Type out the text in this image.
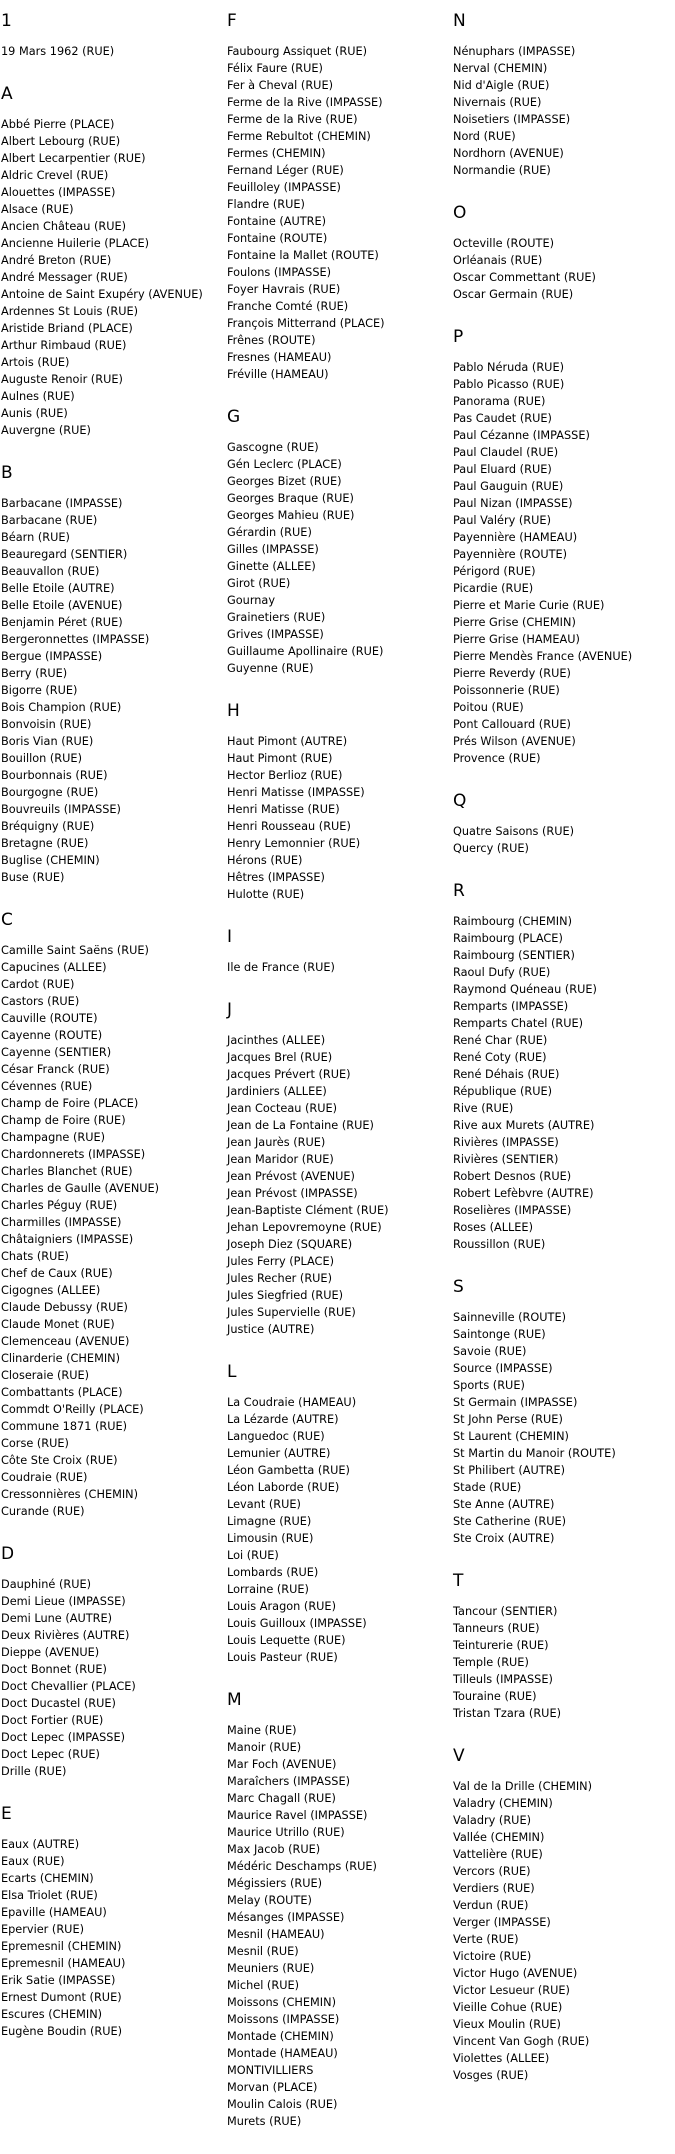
1
19 Mars 1962 (RUE)
A
Abbé Pierre (PLACE)
Albert Lebourg (RUE)
Albert Lecarpentier (RUE)
Aldric Crevel (RUE)
Alouettes (IMPASSE)
Alsace (RUE)
Ancien Château (RUE)
Ancienne Huilerie (PLACE)
André Breton (RUE)
André Messager (RUE)
Antoine de Saint Exupéry (AVENUE)
Ardennes St Louis (RUE)
Aristide Briand (PLACE)
Arthur Rimbaud (RUE)
Artois (RUE)
Auguste Renoir (RUE)
Aulnes (RUE)
Aunis (RUE)
Auvergne (RUE)
B
Barbacane (IMPASSE)
Barbacane (RUE)
Béarn (RUE)
Beauregard (SENTIER)
Beauvallon (RUE)
Belle Etoile (AUTRE)
Belle Etoile (AVENUE)
Benjamin Péret (RUE)
Bergeronnettes (IMPASSE)
Bergue (IMPASSE)
Berry (RUE)
Bigorre (RUE)
Bois Champion (RUE)
Bonvoisin (RUE)
Boris Vian (RUE)
Bouillon (RUE)
Bourbonnais (RUE)
Bourgogne (RUE)
Bouvreuils (IMPASSE)
Bréquigny (RUE)
Bretagne (RUE)
Buglise (CHEMIN)
Buse (RUE)
C
Camille Saint Saëns (RUE)
Capucines (ALLEE)
Cardot (RUE)
Castors (RUE)
Cauville (ROUTE)
Cayenne (ROUTE)
Cayenne (SENTIER)
César Franck (RUE)
Cévennes (RUE)
Champ de Foire (PLACE)
Champ de Foire (RUE)
Champagne (RUE)
Chardonnerets (IMPASSE)
Charles Blanchet (RUE)
Charles de Gaulle (AVENUE)
Charles Péguy (RUE)
Charmilles (IMPASSE)
Châtaigniers (IMPASSE)
Chats (RUE)
Chef de Caux (RUE)
Cigognes (ALLEE)
Claude Debussy (RUE)
Claude Monet (RUE)
Clemenceau (AVENUE)
Clinarderie (CHEMIN)
Closeraie (RUE)
Combattants (PLACE)
Commdt O'Reilly (PLACE)
Commune 1871 (RUE)
Corse (RUE)
Côte Ste Croix (RUE)
Coudraie (RUE)
Cressonnières (CHEMIN)
Curande (RUE)
D
Dauphiné (RUE)
Demi Lieue (IMPASSE)
Demi Lune (AUTRE)
Deux Rivières (AUTRE)
Dieppe (AVENUE)
Doct Bonnet (RUE)
Doct Chevallier (PLACE)
Doct Ducastel (RUE)
Doct Fortier (RUE)
Doct Lepec (IMPASSE)
Doct Lepec (RUE)
Drille (RUE)
E
Eaux (AUTRE)
Eaux (RUE)
Ecarts (CHEMIN)
Elsa Triolet (RUE)
Epaville (HAMEAU)
Epervier (RUE)
Epremesnil (CHEMIN)
Epremesnil (HAMEAU)
Erik Satie (IMPASSE)
Ernest Dumont (RUE)
Escures (CHEMIN)
Eugène Boudin (RUE)
F
Faubourg Assiquet (RUE)
Félix Faure (RUE)
Fer à Cheval (RUE)
Ferme de la Rive (IMPASSE)
Ferme de la Rive (RUE)
Ferme Rebultot (CHEMIN)
Fermes (CHEMIN)
Fernand Léger (RUE)
Feuilloley (IMPASSE)
Flandre (RUE)
Fontaine (AUTRE)
Fontaine (ROUTE)
Fontaine la Mallet (ROUTE)
Foulons (IMPASSE)
Foyer Havrais (RUE)
Franche Comté (RUE)
François Mitterrand (PLACE)
Frênes (ROUTE)
Fresnes (HAMEAU)
Fréville (HAMEAU)
G
Gascogne (RUE)
Gén Leclerc (PLACE)
Georges Bizet (RUE)
Georges Braque (RUE)
Georges Mahieu (RUE)
Gérardin (RUE)
Gilles (IMPASSE)
Ginette (ALLEE)
Girot (RUE)
Gournay
Grainetiers (RUE)
Grives (IMPASSE)
Guillaume Apollinaire (RUE)
Guyenne (RUE)
H
Haut Pimont (AUTRE)
Haut Pimont (RUE)
Hector Berlioz (RUE)
Henri Matisse (IMPASSE)
Henri Matisse (RUE)
Henri Rousseau (RUE)
Henry Lemonnier (RUE)
Hérons (RUE)
Hêtres (IMPASSE)
Hulotte (RUE)
I
Ile de France (RUE)
J
Jacinthes (ALLEE)
Jacques Brel (RUE)
Jacques Prévert (RUE)
Jardiniers (ALLEE)
Jean Cocteau (RUE)
Jean de La Fontaine (RUE)
Jean Jaurès (RUE)
Jean Maridor (RUE)
Jean Prévost (AVENUE)
Jean Prévost (IMPASSE)
Jean-Baptiste Clément (RUE)
Jehan Lepovremoyne (RUE)
Joseph Diez (SQUARE)
Jules Ferry (PLACE)
Jules Recher (RUE)
Jules Siegfried (RUE)
Jules Supervielle (RUE)
Justice (AUTRE)
L
La Coudraie (HAMEAU)
La Lézarde (AUTRE)
Languedoc (RUE)
Lemunier (AUTRE)
Léon Gambetta (RUE)
Léon Laborde (RUE)
Levant (RUE)
Limagne (RUE)
Limousin (RUE)
Loi (RUE)
Lombards (RUE)
Lorraine (RUE)
Louis Aragon (RUE)
Louis Guilloux (IMPASSE)
Louis Lequette (RUE)
Louis Pasteur (RUE)
M
Maine (RUE)
Manoir (RUE)
Mar Foch (AVENUE)
Maraîchers (IMPASSE)
Marc Chagall (RUE)
Maurice Ravel (IMPASSE)
Maurice Utrillo (RUE)
Max Jacob (RUE)
Médéric Deschamps (RUE)
Mégissiers (RUE)
Melay (ROUTE)
Mésanges (IMPASSE)
Mesnil (HAMEAU)
Mesnil (RUE)
Meuniers (RUE)
Michel (RUE)
Moissons (CHEMIN)
Moissons (IMPASSE)
Montade (CHEMIN)
Montade (HAMEAU)
MONTIVILLIERS
Morvan (PLACE)
Moulin Calois (RUE)
Murets (RUE)
N
Nénuphars (IMPASSE)
Nerval (CHEMIN)
Nid d'Aigle (RUE)
Nivernais (RUE)
Noisetiers (IMPASSE)
Nord (RUE)
Nordhorn (AVENUE)
Normandie (RUE)
O
Octeville (ROUTE)
Orléanais (RUE)
Oscar Commettant (RUE)
Oscar Germain (RUE)
P
Pablo Néruda (RUE)
Pablo Picasso (RUE)
Panorama (RUE)
Pas Caudet (RUE)
Paul Cézanne (IMPASSE)
Paul Claudel (RUE)
Paul Eluard (RUE)
Paul Gauguin (RUE)
Paul Nizan (IMPASSE)
Paul Valéry (RUE)
Payennière (HAMEAU)
Payennière (ROUTE)
Périgord (RUE)
Picardie (RUE)
Pierre et Marie Curie (RUE)
Pierre Grise (CHEMIN)
Pierre Grise (HAMEAU)
Pierre Mendès France (AVENUE)
Pierre Reverdy (RUE)
Poissonnerie (RUE)
Poitou (RUE)
Pont Callouard (RUE)
Prés Wilson (AVENUE)
Provence (RUE)
Q
Quatre Saisons (RUE)
Quercy (RUE)
R
Raimbourg (CHEMIN)
Raimbourg (PLACE)
Raimbourg (SENTIER)
Raoul Dufy (RUE)
Raymond Quéneau (RUE)
Remparts (IMPASSE)
Remparts Chatel (RUE)
René Char (RUE)
René Coty (RUE)
René Déhais (RUE)
République (RUE)
Rive (RUE)
Rive aux Murets (AUTRE)
Rivières (IMPASSE)
Rivières (SENTIER)
Robert Desnos (RUE)
Robert Lefèbvre (AUTRE)
Roselières (IMPASSE)
Roses (ALLEE)
Roussillon (RUE)
S
Sainneville (ROUTE)
Saintonge (RUE)
Savoie (RUE)
Source (IMPASSE)
Sports (RUE)
St Germain (IMPASSE)
St John Perse (RUE)
St Laurent (CHEMIN)
St Martin du Manoir (ROUTE)
St Philibert (AUTRE)
Stade (RUE)
Ste Anne (AUTRE)
Ste Catherine (RUE)
Ste Croix (AUTRE)
T
Tancour (SENTIER)
Tanneurs (RUE)
Teinturerie (RUE)
Temple (RUE)
Tilleuls (IMPASSE)
Touraine (RUE)
Tristan Tzara (RUE)
V
Val de la Drille (CHEMIN)
Valadry (CHEMIN)
Valadry (RUE)
Vallée (CHEMIN)
Vattelière (RUE)
Vercors (RUE)
Verdiers (RUE)
Verdun (RUE)
Verger (IMPASSE)
Verte (RUE)
Victoire (RUE)
Victor Hugo (AVENUE)
Victor Lesueur (RUE)
Vieille Cohue (RUE)
Vieux Moulin (RUE)
Vincent Van Gogh (RUE)
Violettes (ALLEE)
Vosges (RUE)
